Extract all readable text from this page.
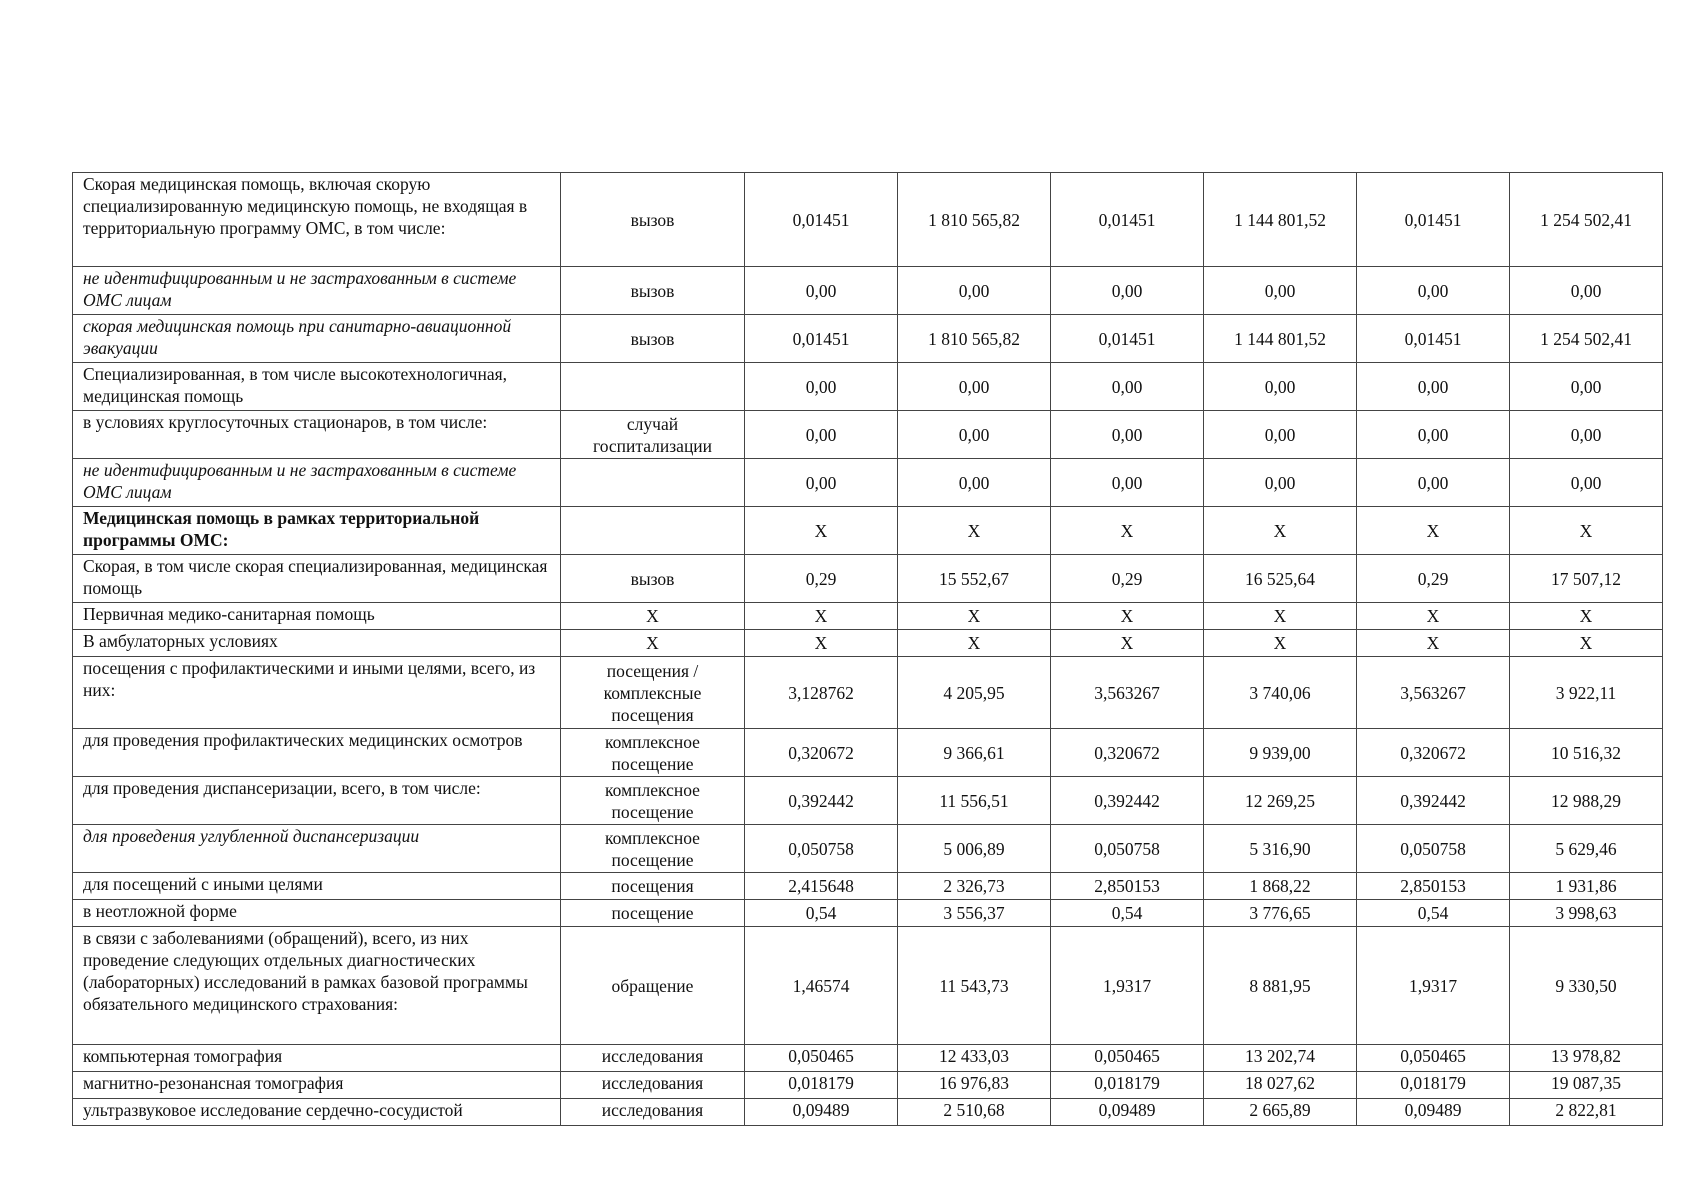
Скорая медицинская помощь, включая скорую специализированную медицинскую помощь, не входящая в территориальную программу ОМС, в том числе:	вызов	0,01451	1 810 565,82	0,01451	1 144 801,52	0,01451	1 254 502,41
не идентифицированным и не застрахованным в системе ОМС лицам	вызов	0,00	0,00	0,00	0,00	0,00	0,00
скорая медицинская помощь при санитарно-авиационной эвакуации	вызов	0,01451	1 810 565,82	0,01451	1 144 801,52	0,01451	1 254 502,41
Специализированная, в том числе высокотехнологичная, медицинская помощь		0,00	0,00	0,00	0,00	0,00	0,00
в условиях круглосуточных стационаров, в том числе:	случай госпитализации	0,00	0,00	0,00	0,00	0,00	0,00
не идентифицированным и не застрахованным в системе ОМС лицам		0,00	0,00	0,00	0,00	0,00	0,00
Медицинская помощь в рамках территориальной программы ОМС:		X	X	X	X	X	X
Скорая, в том числе скорая специализированная, медицинская помощь	вызов	0,29	15 552,67	0,29	16 525,64	0,29	17 507,12
Первичная медико-санитарная помощь	X	X	X	X	X	X	X
В амбулаторных условиях	X	X	X	X	X	X	X
посещения с профилактическими и иными целями, всего, из них:	посещения / комплексные посещения	3,128762	4 205,95	3,563267	3 740,06	3,563267	3 922,11
для проведения профилактических медицинских осмотров	комплексное посещение	0,320672	9 366,61	0,320672	9 939,00	0,320672	10 516,32
для проведения диспансеризации, всего, в том числе:	комплексное посещение	0,392442	11 556,51	0,392442	12 269,25	0,392442	12 988,29
для проведения углубленной диспансеризации	комплексное посещение	0,050758	5 006,89	0,050758	5 316,90	0,050758	5 629,46
для посещений с иными целями	посещения	2,415648	2 326,73	2,850153	1 868,22	2,850153	1 931,86
в неотложной форме	посещение	0,54	3 556,37	0,54	3 776,65	0,54	3 998,63
в связи с заболеваниями (обращений), всего, из них проведение следующих отдельных диагностических (лабораторных) исследований в рамках базовой программы обязательного медицинского страхования:	обращение	1,46574	11 543,73	1,9317	8 881,95	1,9317	9 330,50
компьютерная томография	исследования	0,050465	12 433,03	0,050465	13 202,74	0,050465	13 978,82
магнитно-резонансная томография	исследования	0,018179	16 976,83	0,018179	18 027,62	0,018179	19 087,35
ультразвуковое исследование сердечно-сосудистой	исследования	0,09489	2 510,68	0,09489	2 665,89	0,09489	2 822,81
